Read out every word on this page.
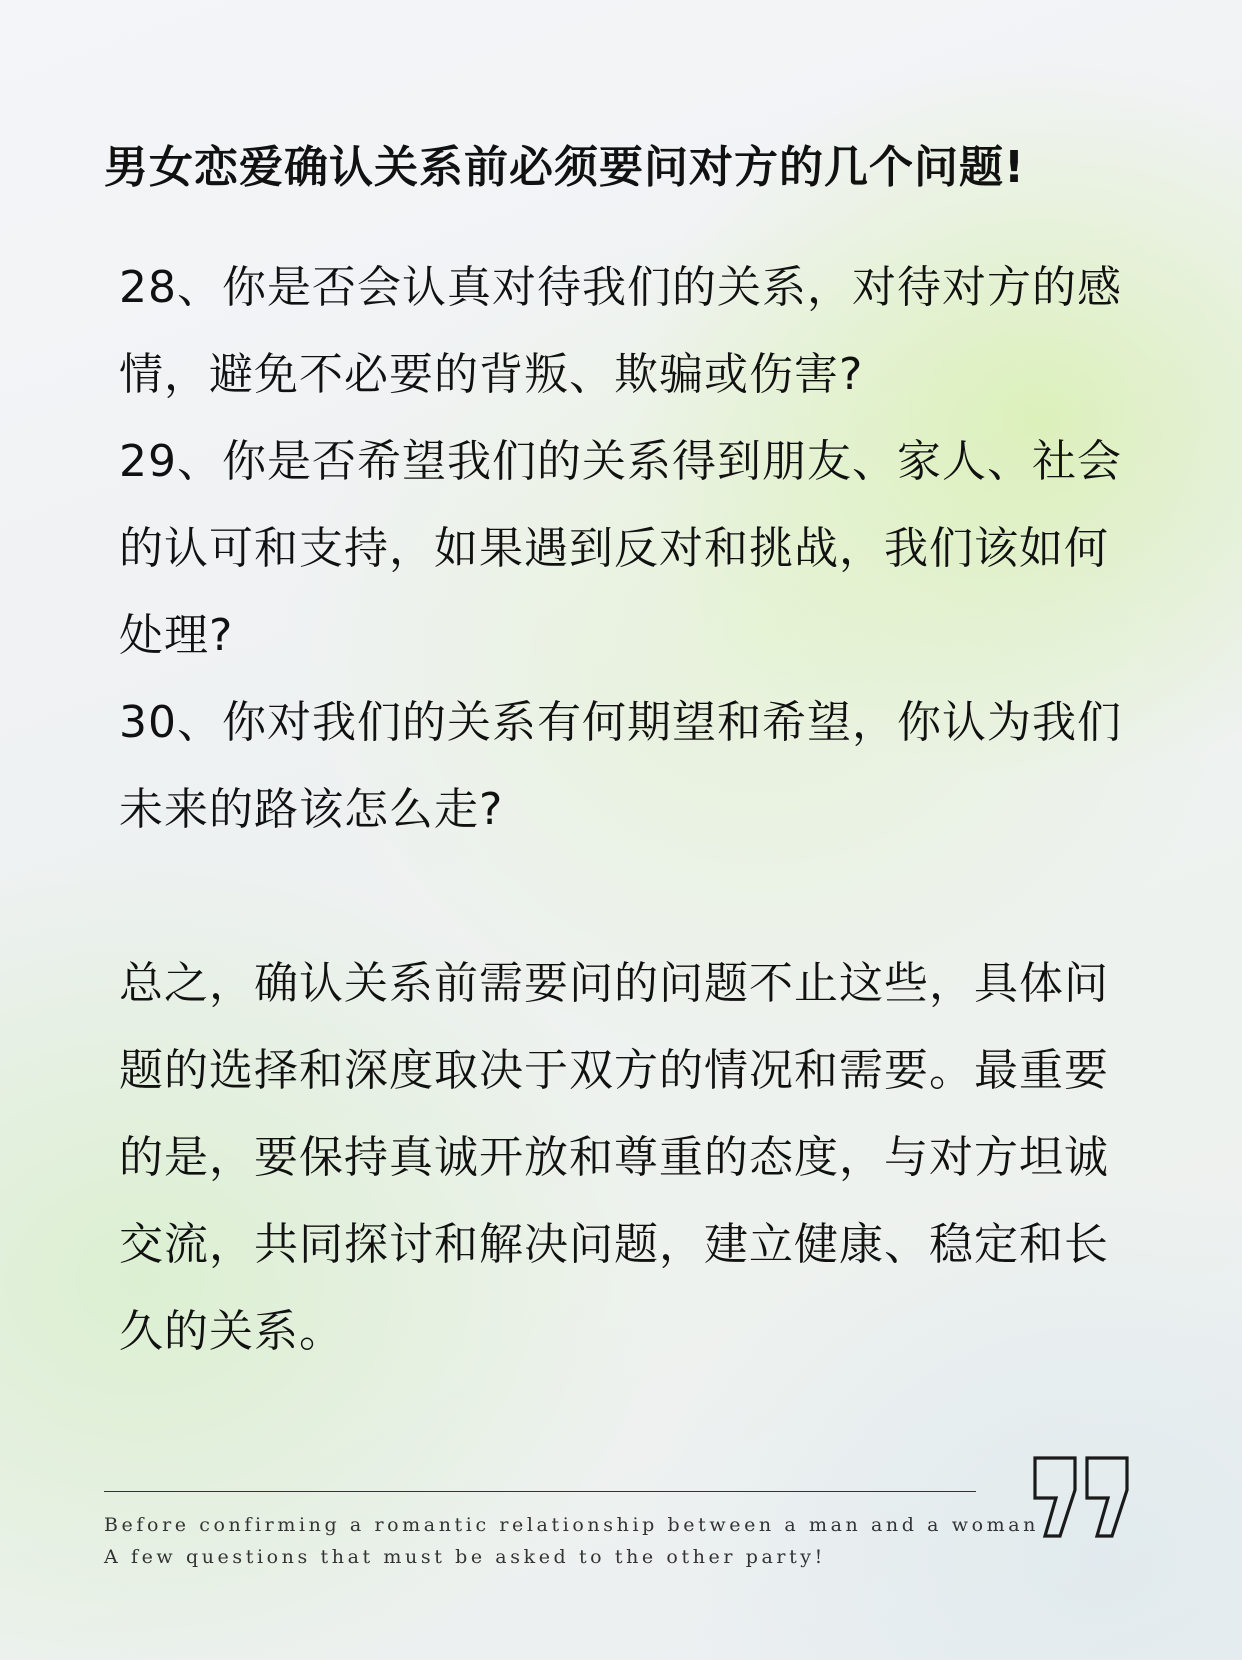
男女恋爱确认关系前必须要问对方的几个问题!

28、你是否会认真对待我们的关系，对待对方的感情，避免不必要的背叛、欺骗或伤害?

29、你是否希望我们的关系得到朋友、家人、社会的认可和支持，如果遇到反对和挑战，我们该如何处理?

30、你对我们的关系有何期望和希望，你认为我们未来的路该怎么走?

总之，确认关系前需要问的问题不止这些，具体问题的选择和深度取决于双方的情况和需要。最重要的是，要保持真诚开放和尊重的态度，与对方坦诚交流，共同探讨和解决问题，建立健康、稳定和长久的关系。

Before confirming a romantic relationship between a man and a woman
A few questions that must be asked to the other party!
